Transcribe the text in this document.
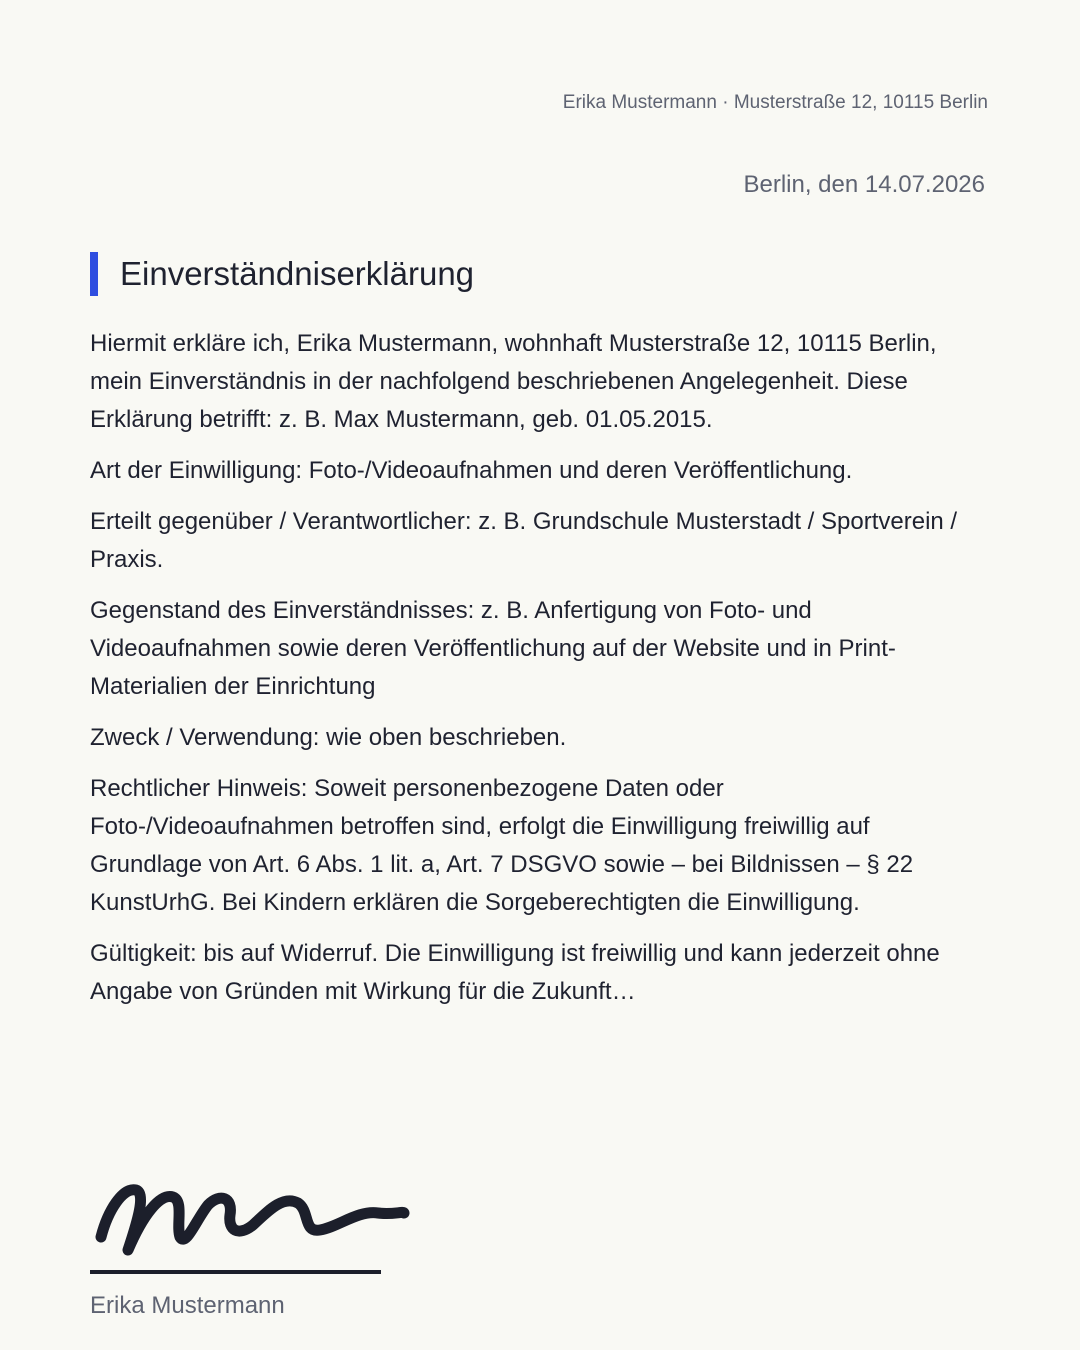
Erika Mustermann · Musterstraße 12, 10115 Berlin
Berlin, den 14.07.2026
Einverständniserklärung

Hiermit erkläre ich, Erika Mustermann, wohnhaft Musterstraße 12, 10115 Berlin, mein Einverständnis in der nachfolgend beschriebenen Angelegenheit. Diese Erklärung betrifft: z. B. Max Mustermann, geb. 01.05.2015.

Art der Einwilligung: Foto-/Videoaufnahmen und deren Veröffentlichung.

Erteilt gegenüber / Verantwortlicher: z. B. Grundschule Musterstadt / Sportverein / Praxis.

Gegenstand des Einverständnisses: z. B. Anfertigung von Foto- und Videoaufnahmen sowie deren Veröffentlichung auf der Website und in Print-Materialien der Einrichtung

Zweck / Verwendung: wie oben beschrieben.

Rechtlicher Hinweis: Soweit personenbezogene Daten oder Foto-/Videoaufnahmen betroffen sind, erfolgt die Einwilligung freiwillig auf Grundlage von Art. 6 Abs. 1 lit. a, Art. 7 DSGVO sowie – bei Bildnissen – § 22 KunstUrhG. Bei Kindern erklären die Sorgeberechtigten die Einwilligung.

Gültigkeit: bis auf Widerruf. Die Einwilligung ist freiwillig und kann jederzeit ohne Angabe von Gründen mit Wirkung für die Zukunft…

Erika Mustermann
